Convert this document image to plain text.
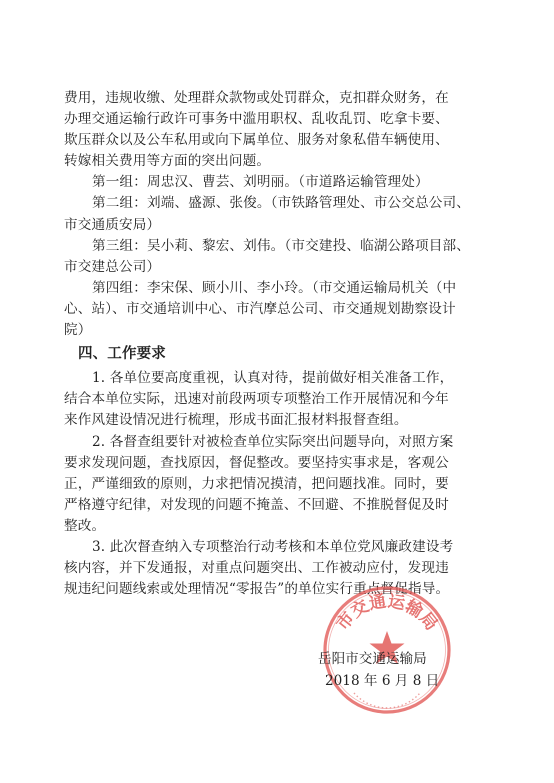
费用，违规收缴、处理群众款物或处罚群众，克扣群众财务，在
办理交通运输行政许可事务中滥用职权、乱收乱罚、吃拿卡要、
欺压群众以及公车私用或向下属单位、服务对象私借车辆使用、
转嫁相关费用等方面的突出问题。
第一组：周忠汉、曹芸、刘明丽。（市道路运输管理处）
第二组：刘端、盛源、张俊。（市铁路管理处、市公交总公司、
市交通质安局）
第三组：吴小莉、黎宏、刘伟。（市交建投、临湖公路项目部、
市交建总公司）
第四组：李宋保、顾小川、李小玲。（市交通运输局机关（中
心、站）、市交通培训中心、市汽摩总公司、市交通规划勘察设计
院）
四、工作要求
1. 各单位要高度重视，认真对待，提前做好相关准备工作，
结合本单位实际，迅速对前段两项专项整治工作开展情况和今年
来作风建设情况进行梳理，形成书面汇报材料报督查组。
2. 各督查组要针对被检查单位实际突出问题导向，对照方案
要求发现问题，查找原因，督促整改。要坚持实事求是，客观公
正，严谨细致的原则，力求把情况摸清，把问题找准。同时，要
严格遵守纪律，对发现的问题不掩盖、不回避、不推脱督促及时
整改。
3. 此次督查纳入专项整治行动考核和本单位党风廉政建设考
核内容，并下发通报，对重点问题突出、工作被动应付，发现违
规违纪问题线索或处理情况“零报告”的单位实行重点督促指导。
市交通运输局
岳阳市交通运输局
2018 年 6 月 8 日
